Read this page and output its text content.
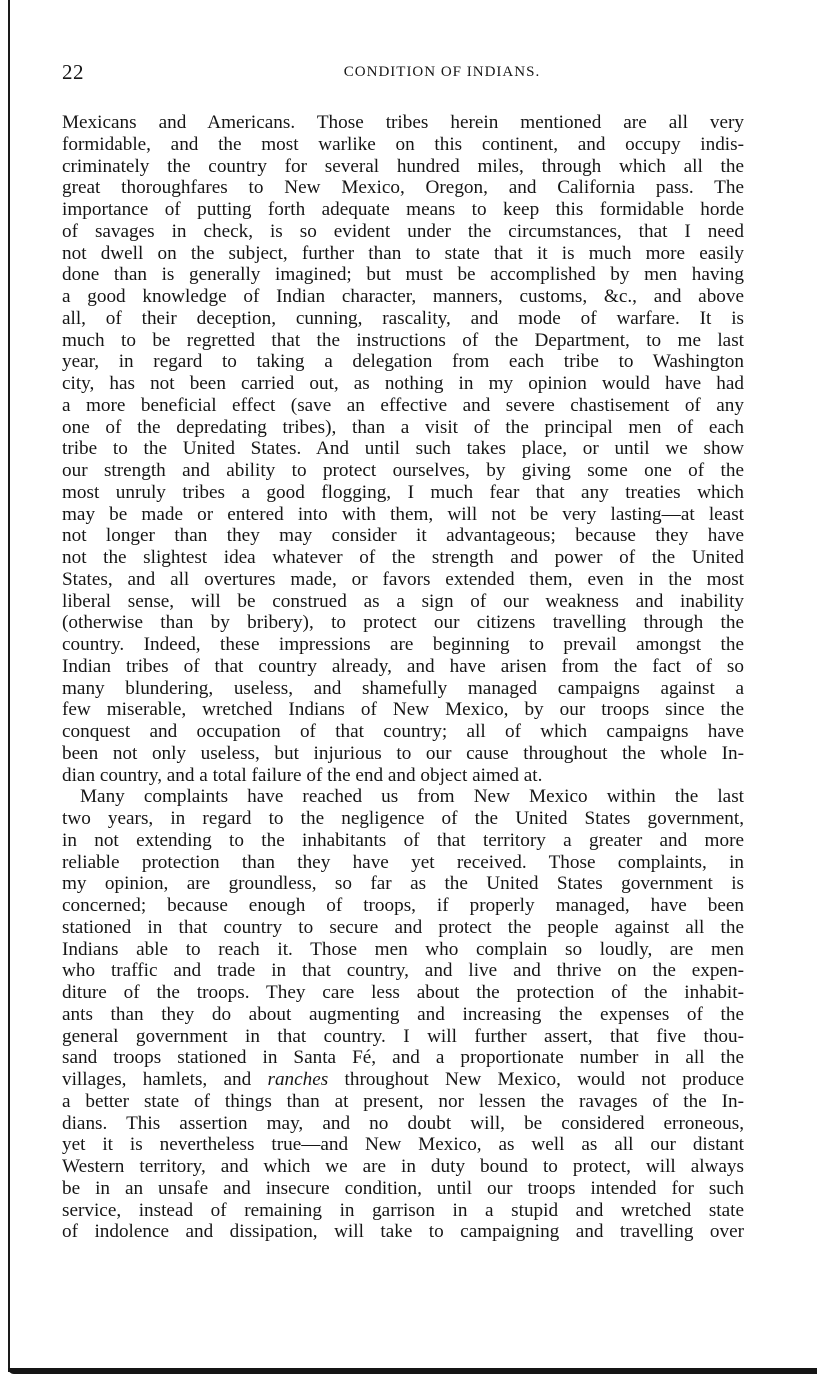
22	CONDITION OF INDIANS.
Mexicans and Americans. Those tribes herein mentioned are all very
formidable, and the most warlike on this continent, and occupy indis-
criminately the country for several hundred miles, through which all the
great thoroughfares to New Mexico, Oregon, and California pass. The
importance of putting forth adequate means to keep this formidable horde
of savages in check, is so evident under the circumstances, that I need
not dwell on the subject, further than to state that it is much more easily
done than is generally imagined; but must be accomplished by men having
a good knowledge of Indian character, manners, customs, &c., and above
all, of their deception, cunning, rascality, and mode of warfare. It is
much to be regretted that the instructions of the Department, to me last
year, in regard to taking a delegation from each tribe to Washington
city, has not been carried out, as nothing in my opinion would have had
a more beneficial effect (save an effective and severe chastisement of any
one of the depredating tribes), than a visit of the principal men of each
tribe to the United States. And until such takes place, or until we show
our strength and ability to protect ourselves, by giving some one of the
most unruly tribes a good flogging, I much fear that any treaties which
may be made or entered into with them, will not be very lasting—at least
not longer than they may consider it advantageous; because they have
not the slightest idea whatever of the strength and power of the United
States, and all overtures made, or favors extended them, even in the most
liberal sense, will be construed as a sign of our weakness and inability
(otherwise than by bribery), to protect our citizens travelling through the
country. Indeed, these impressions are beginning to prevail amongst the
Indian tribes of that country already, and have arisen from the fact of so
many blundering, useless, and shamefully managed campaigns against a
few miserable, wretched Indians of New Mexico, by our troops since the
conquest and occupation of that country; all of which campaigns have
been not only useless, but injurious to our cause throughout the whole In-
dian country, and a total failure of the end and object aimed at.
Many complaints have reached us from New Mexico within the last
two years, in regard to the negligence of the United States government,
in not extending to the inhabitants of that territory a greater and more
reliable protection than they have yet received. Those complaints, in
my opinion, are groundless, so far as the United States government is
concerned; because enough of troops, if properly managed, have been
stationed in that country to secure and protect the people against all the
Indians able to reach it. Those men who complain so loudly, are men
who traffic and trade in that country, and live and thrive on the expen-
diture of the troops. They care less about the protection of the inhabit-
ants than they do about augmenting and increasing the expenses of the
general government in that country. I will further assert, that five thou-
sand troops stationed in Santa Fé, and a proportionate number in all the
villages, hamlets, and ranches throughout New Mexico, would not produce
a better state of things than at present, nor lessen the ravages of the In-
dians. This assertion may, and no doubt will, be considered erroneous,
yet it is nevertheless true—and New Mexico, as well as all our distant
Western territory, and which we are in duty bound to protect, will always
be in an unsafe and insecure condition, until our troops intended for such
service, instead of remaining in garrison in a stupid and wretched state
of indolence and dissipation, will take to campaigning and travelling over
